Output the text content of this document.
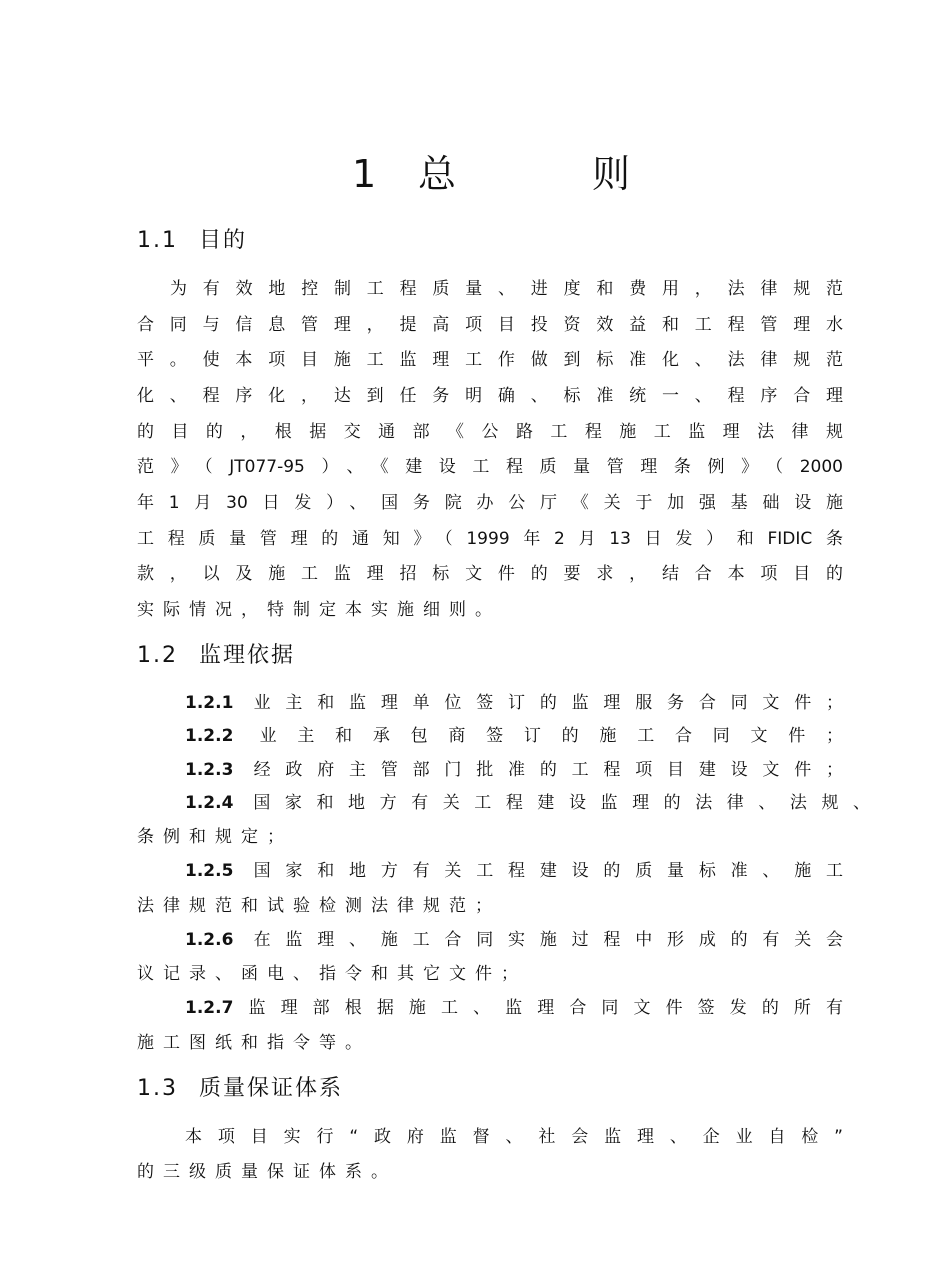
1 总	则
1.1 目的
为有效地控制工程质量、进度和费用，法律规范
合同与信息管理，提高项目投资效益和工程管理水
平。使本项目施工监理工作做到标准化、法律规范
化、程序化，达到任务明确、标准统一、程序合理
的目的，根据交通部《公路工程施工监理法律规
范》（JT077-95）、《建设工程质量管理条例》（2000
年1月30日发）、国务院办公厅《关于加强基础设施
工程质量管理的通知》（1999年2月13日发）和FIDIC条
款，以及施工监理招标文件的要求，结合本项目的
实际情况，特制定本实施细则。
1.2 监理依据
1.2.1 业主和监理单位签订的监理服务合同文件；
1.2.2 业主和承包商签订的施工合同文件；
1.2.3 经政府主管部门批准的工程项目建设文件；
1.2.4 国家和地方有关工程建设监理的法律、法规、
条例和规定；
1.2.5 国家和地方有关工程建设的质量标准、施工
法律规范和试验检测法律规范；
1.2.6 在监理、施工合同实施过程中形成的有关会
议记录、函电、指令和其它文件；
1.2.7监理部根据施工、监理合同文件签发的所有
施工图纸和指令等。
1.3 质量保证体系
本项目实行“政府监督、社会监理、企业自检”
的三级质量保证体系。
